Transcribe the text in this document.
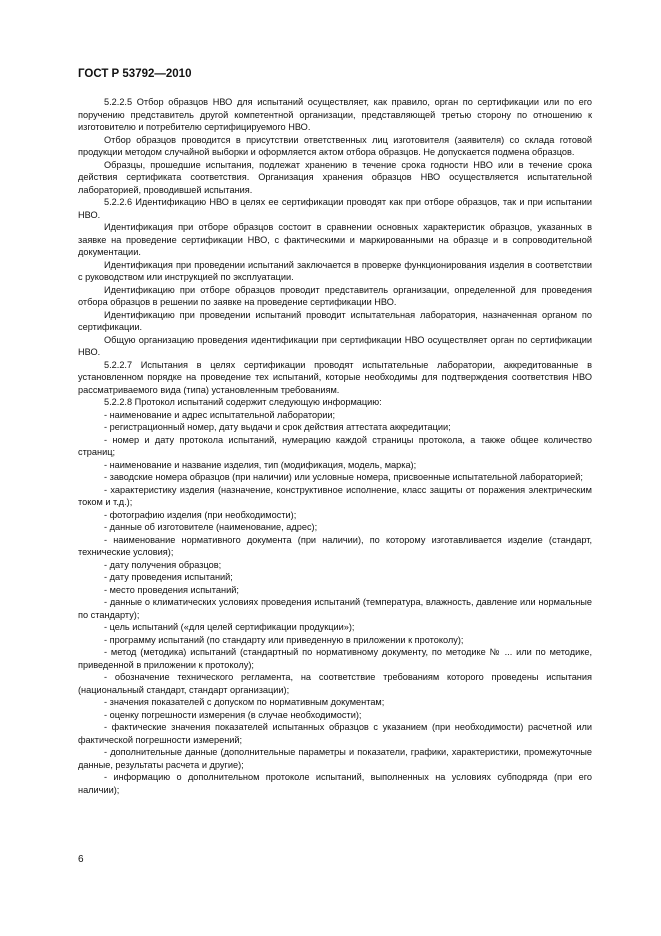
ГОСТ Р 53792—2010

5.2.2.5 Отбор образцов НВО для испытаний осуществляет, как правило, орган по сертификации или по его поручению представитель другой компетентной организации, представляющей третью сторону по отношению к изготовителю и потребителю сертифицируемого НВО.

Отбор образцов проводится в присутствии ответственных лиц изготовителя (заявителя) со склада готовой продукции методом случайной выборки и оформляется актом отбора образцов. Не допускается подмена образцов.

Образцы, прошедшие испытания, подлежат хранению в течение срока годности НВО или в течение срока действия сертификата соответствия. Организация хранения образцов НВО осуществляется испытательной лабораторией, проводившей испытания.

5.2.2.6 Идентификацию НВО в целях ее сертификации проводят как при отборе образцов, так и при испытании НВО.

Идентификация при отборе образцов состоит в сравнении основных характеристик образцов, указанных в заявке на проведение сертификации НВО, с фактическими и маркированными на образце и в сопроводительной документации.

Идентификация при проведении испытаний заключается в проверке функционирования изделия в соответствии с руководством или инструкцией по эксплуатации.

Идентификацию при отборе образцов проводит представитель организации, определенной для проведения отбора образцов в решении по заявке на проведение сертификации НВО.

Идентификацию при проведении испытаний проводит испытательная лаборатория, назначенная органом по сертификации.

Общую организацию проведения идентификации при сертификации НВО осуществляет орган по сертификации НВО.

5.2.2.7 Испытания в целях сертификации проводят испытательные лаборатории, аккредитованные в установленном порядке на проведение тех испытаний, которые необходимы для подтверждения соответствия НВО рассматриваемого вида (типа) установленным требованиям.

5.2.2.8 Протокол испытаний содержит следующую информацию:

- наименование и адрес испытательной лаборатории;

- регистрационный номер, дату выдачи и срок действия аттестата аккредитации;

- номер и дату протокола испытаний, нумерацию каждой страницы протокола, а также общее количество страниц;

- наименование и название изделия, тип (модификация, модель, марка);

- заводские номера образцов (при наличии) или условные номера, присвоенные испытательной лабораторией;

- характеристику изделия (назначение, конструктивное исполнение, класс защиты от поражения электрическим током и т.д.);

- фотографию изделия (при необходимости);

- данные об изготовителе (наименование, адрес);

- наименование нормативного документа (при наличии), по которому изготавливается изделие (стандарт, технические условия);

- дату получения образцов;

- дату проведения испытаний;

- место проведения испытаний;

- данные о климатических условиях проведения испытаний (температура, влажность, давление или нормальные по стандарту);

- цель испытаний («для целей сертификации продукции»);

- программу испытаний (по стандарту или приведенную в приложении к протоколу);

- метод (методика) испытаний (стандартный по нормативному документу, по методике № ... или по методике, приведенной в приложении к протоколу);

- обозначение технического регламента, на соответствие требованиям которого проведены испытания (национальный стандарт, стандарт организации);

- значения показателей с допуском по нормативным документам;

- оценку погрешности измерения (в случае необходимости);

- фактические значения показателей испытанных образцов с указанием (при необходимости) расчетной или фактической погрешности измерений;

- дополнительные данные (дополнительные параметры и показатели, графики, характеристики, промежуточные данные, результаты расчета и другие);

- информацию о дополнительном протоколе испытаний, выполненных на условиях субподряда (при его наличии);

6
